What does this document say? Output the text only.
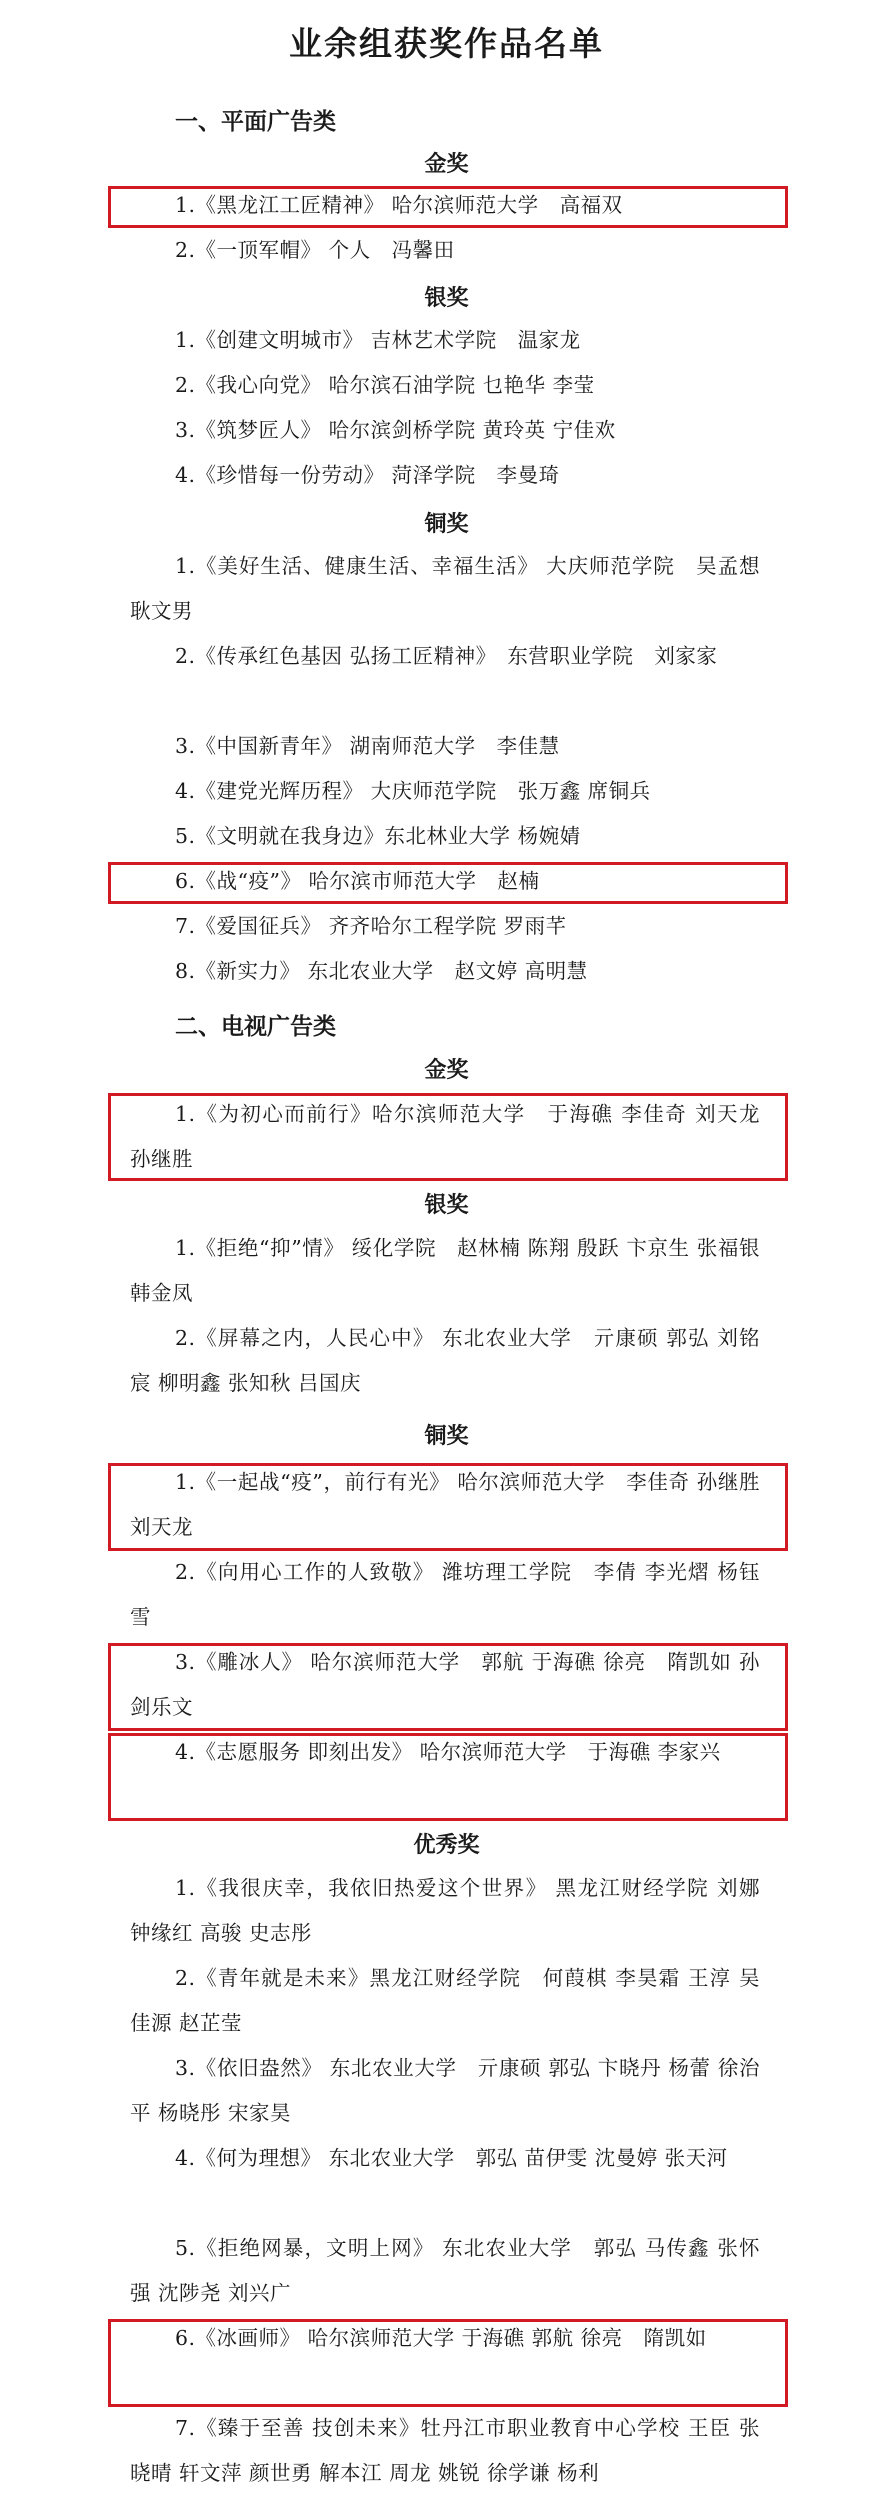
业余组获奖作品名单
一、平面广告类
金奖
1.《黑龙江工匠精神》 哈尔滨师范大学　高福双
2.《一顶军帽》 个人　冯馨田
银奖
1.《创建文明城市》 吉林艺术学院　温家龙
2.《我心向党》 哈尔滨石油学院 乜艳华 李莹
3.《筑梦匠人》 哈尔滨剑桥学院 黄玲英 宁佳欢
4.《珍惜每一份劳动》 菏泽学院　李曼琦
铜奖
1.《美好生活、健康生活、幸福生活》 大庆师范学院　吴孟想 耿文男
2.《传承红色基因 弘扬工匠精神》　东营职业学院　刘家家
3.《中国新青年》 湖南师范大学　李佳慧
4.《建党光辉历程》 大庆师范学院　张万鑫 席铜兵
5.《文明就在我身边》东北林业大学 杨婉婧
6.《战“疫”》 哈尔滨市师范大学　赵楠
7.《爱国征兵》 齐齐哈尔工程学院 罗雨芊
8.《新实力》 东北农业大学　赵文婷 高明慧
二、电视广告类
金奖
1.《为初心而前行》哈尔滨师范大学　于海礁 李佳奇 刘天龙 孙继胜
银奖
1.《拒绝“抑”情》 绥化学院　赵林楠 陈翔 殷跃 卞京生 张福银 韩金凤
2.《屏幕之内，人民心中》 东北农业大学　亓康硕 郭弘 刘铭宸 柳明鑫 张知秋 吕国庆
铜奖
1.《一起战“疫”，前行有光》 哈尔滨师范大学　李佳奇 孙继胜 刘天龙
2.《向用心工作的人致敬》 潍坊理工学院　李倩 李光熠 杨钰雪
3.《雕冰人》 哈尔滨师范大学　郭航 于海礁 徐亮　隋凯如 孙剑乐文
4.《志愿服务 即刻出发》 哈尔滨师范大学　于海礁 李家兴
优秀奖
1.《我很庆幸，我依旧热爱这个世界》 黑龙江财经学院 刘娜 钟缘红 高骏 史志彤
2.《青年就是未来》黑龙江财经学院　何葭棋 李昊霜 王淳 吴佳源 赵芷莹
3.《依旧盎然》 东北农业大学　亓康硕 郭弘 卞晓丹 杨蕾 徐治平 杨晓彤 宋家昊
4.《何为理想》 东北农业大学　郭弘 苗伊雯 沈曼婷 张天河
5.《拒绝网暴，文明上网》 东北农业大学　郭弘 马传鑫 张怀强 沈陟尧 刘兴广
6.《冰画师》 哈尔滨师范大学 于海礁 郭航 徐亮　隋凯如
7.《臻于至善 技创未来》牡丹江市职业教育中心学校 王臣 张晓晴 轩文萍 颜世勇 解本江 周龙 姚锐 徐学谦 杨利
